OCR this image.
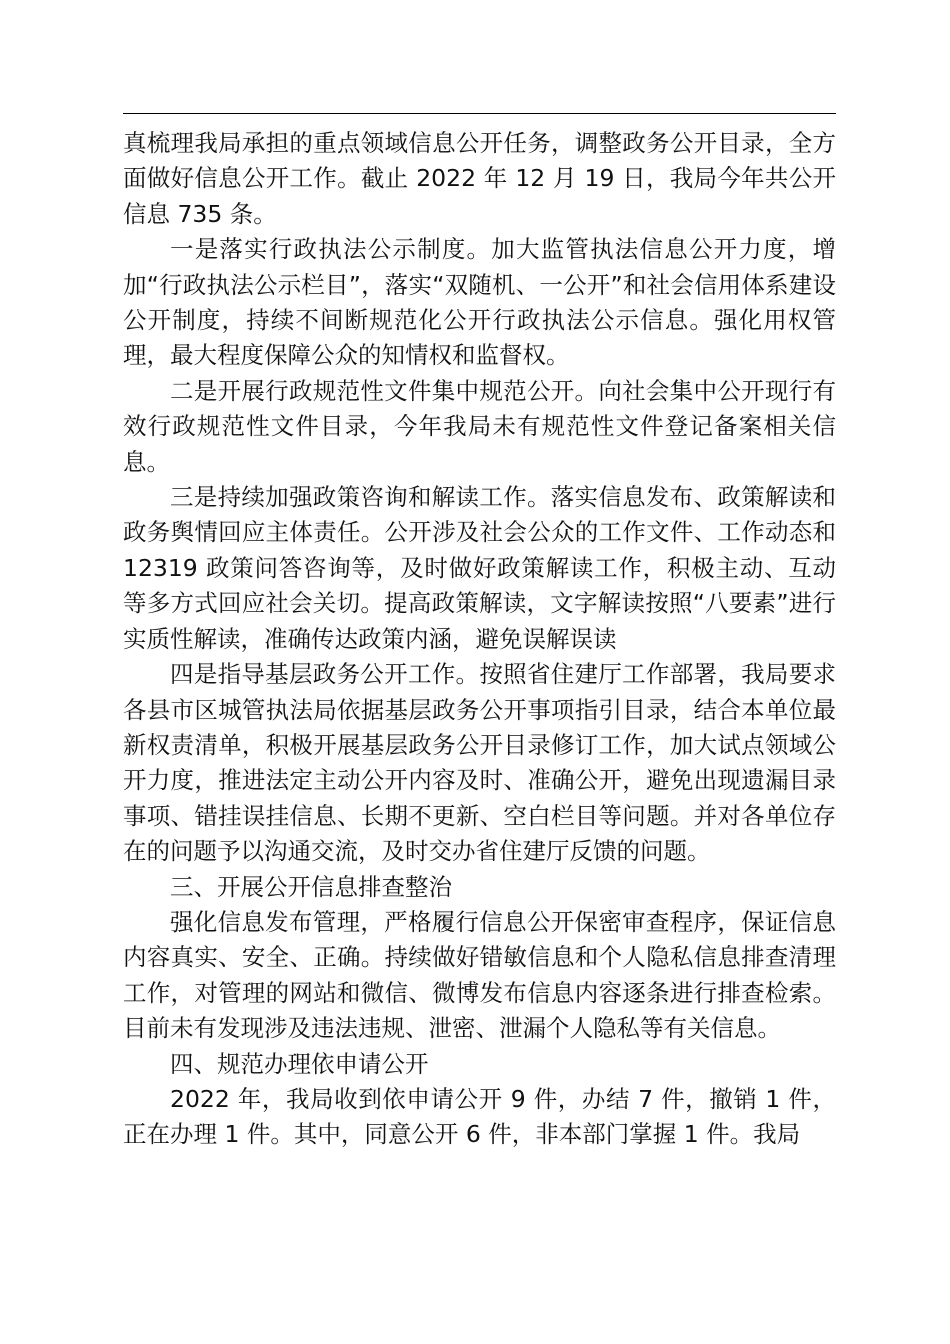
真梳理我局承担的重点领域信息公开任务，调整政务公开目录，全方面做好信息公开工作。截止 2022 年 12 月 19 日，我局今年共公开信息 735 条。

一是落实行政执法公示制度。加大监管执法信息公开力度，增加“行政执法公示栏目”，落实“双随机、一公开”和社会信用体系建设公开制度，持续不间断规范化公开行政执法公示信息。强化用权管理，最大程度保障公众的知情权和监督权。

二是开展行政规范性文件集中规范公开。向社会集中公开现行有效行政规范性文件目录，今年我局未有规范性文件登记备案相关信息。

三是持续加强政策咨询和解读工作。落实信息发布、政策解读和政务舆情回应主体责任。公开涉及社会公众的工作文件、工作动态和 12319 政策问答咨询等，及时做好政策解读工作，积极主动、互动等多方式回应社会关切。提高政策解读，文字解读按照“八要素”进行实质性解读，准确传达政策内涵，避免误解误读

四是指导基层政务公开工作。按照省住建厅工作部署，我局要求各县市区城管执法局依据基层政务公开事项指引目录，结合本单位最新权责清单，积极开展基层政务公开目录修订工作，加大试点领域公开力度，推进法定主动公开内容及时、准确公开，避免出现遗漏目录事项、错挂误挂信息、长期不更新、空白栏目等问题。并对各单位存在的问题予以沟通交流，及时交办省住建厅反馈的问题。

三、开展公开信息排查整治

强化信息发布管理，严格履行信息公开保密审查程序，保证信息内容真实、安全、正确。持续做好错敏信息和个人隐私信息排查清理工作，对管理的网站和微信、微博发布信息内容逐条进行排查检索。目前未有发现涉及违法违规、泄密、泄漏个人隐私等有关信息。

四、规范办理依申请公开

2022 年，我局收到依申请公开 9 件，办结 7 件，撤销 1 件，正在办理 1 件。其中，同意公开 6 件，非本部门掌握 1 件。我局
